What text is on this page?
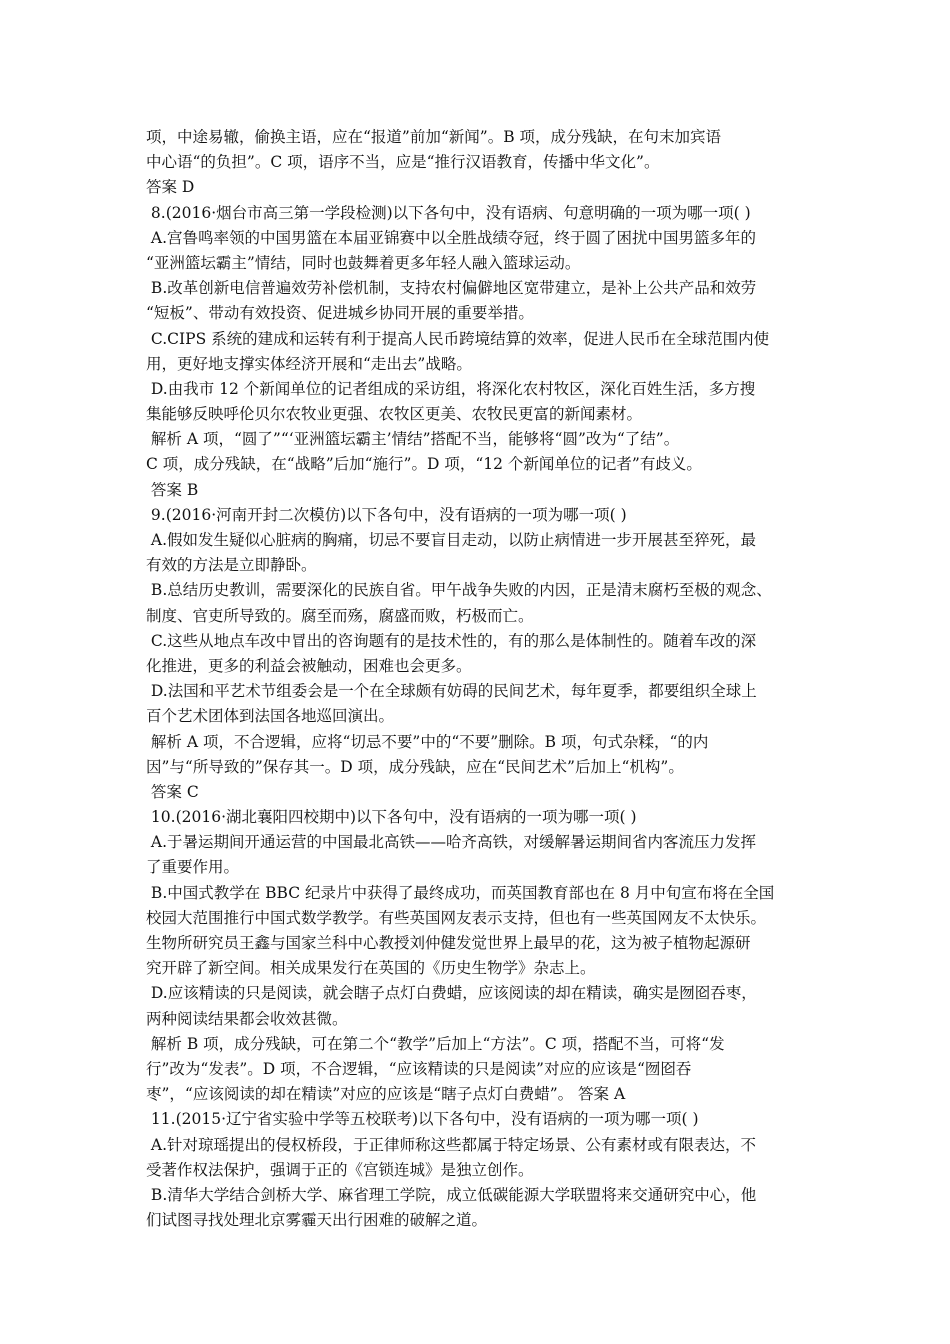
项，中途易辙，偷换主语，应在“报道”前加“新闻”。B 项，成分残缺，在句末加宾语
中心语“的负担”。C 项，语序不当，应是“推行汉语教育，传播中华文化”。
答案 D
8.(2016·烟台市高三第一学段检测)以下各句中，没有语病、句意明确的一项为哪一项( )
A.宫鲁鸣率领的中国男篮在本届亚锦赛中以全胜战绩夺冠，终于圆了困扰中国男篮多年的
“亚洲篮坛霸主”情结，同时也鼓舞着更多年轻人融入篮球运动。
B.改革创新电信普遍效劳补偿机制，支持农村偏僻地区宽带建立，是补上公共产品和效劳
“短板”、带动有效投资、促进城乡协同开展的重要举措。
C.CIPS 系统的建成和运转有利于提高人民币跨境结算的效率，促进人民币在全球范围内使
用，更好地支撑实体经济开展和“走出去”战略。
D.由我市 12 个新闻单位的记者组成的采访组，将深化农村牧区，深化百姓生活，多方搜
集能够反映呼伦贝尔农牧业更强、农牧区更美、农牧民更富的新闻素材。
解析 A 项，“圆了”“‘亚洲篮坛霸主’情结”搭配不当，能够将“圆”改为“了结”。
C 项，成分残缺，在“战略”后加“施行”。D 项，“12 个新闻单位的记者”有歧义。
答案 B
9.(2016·河南开封二次模仿)以下各句中，没有语病的一项为哪一项( )
A.假如发生疑似心脏病的胸痛，切忌不要盲目走动，以防止病情进一步开展甚至猝死，最
有效的方法是立即静卧。
B.总结历史教训，需要深化的民族自省。甲午战争失败的内因，正是清末腐朽至极的观念、
制度、官吏所导致的。腐至而殇，腐盛而败，朽极而亡。
C.这些从地点车改中冒出的咨询题有的是技术性的，有的那么是体制性的。随着车改的深
化推进，更多的利益会被触动，困难也会更多。
D.法国和平艺术节组委会是一个在全球颇有妨碍的民间艺术，每年夏季，都要组织全球上
百个艺术团体到法国各地巡回演出。
解析 A 项，不合逻辑，应将“切忌不要”中的“不要”删除。B 项，句式杂糅，“的内
因”与“所导致的”保存其一。D 项，成分残缺，应在“民间艺术”后加上“机构”。
答案 C
10.(2016·湖北襄阳四校期中)以下各句中，没有语病的一项为哪一项( )
A.于暑运期间开通运营的中国最北高铁——哈齐高铁，对缓解暑运期间省内客流压力发挥
了重要作用。
B.中国式教学在 BBC 纪录片中获得了最终成功，而英国教育部也在 8 月中旬宣布将在全国
校园大范围推行中国式数学教学。有些英国网友表示支持，但也有一些英国网友不太快乐。
生物所研究员王鑫与国家兰科中心教授刘仲健发觉世界上最早的花，这为被子植物起源研
究开辟了新空间。相关成果发行在英国的《历史生物学》杂志上。
D.应该精读的只是阅读，就会瞎子点灯白费蜡，应该阅读的却在精读，确实是囫囵吞枣，
两种阅读结果都会收效甚微。
解析 B 项，成分残缺，可在第二个“教学”后加上“方法”。C 项，搭配不当，可将“发
行”改为“发表”。D 项，不合逻辑，“应该精读的只是阅读”对应的应该是“囫囵吞
枣”，“应该阅读的却在精读”对应的应该是“瞎子点灯白费蜡”。 答案 A
11.(2015·辽宁省实验中学等五校联考)以下各句中，没有语病的一项为哪一项( )
A.针对琼瑶提出的侵权桥段，于正律师称这些都属于特定场景、公有素材或有限表达，不
受著作权法保护，强调于正的《宫锁连城》是独立创作。
B.清华大学结合剑桥大学、麻省理工学院，成立低碳能源大学联盟将来交通研究中心，他
们试图寻找处理北京雾霾天出行困难的破解之道。
